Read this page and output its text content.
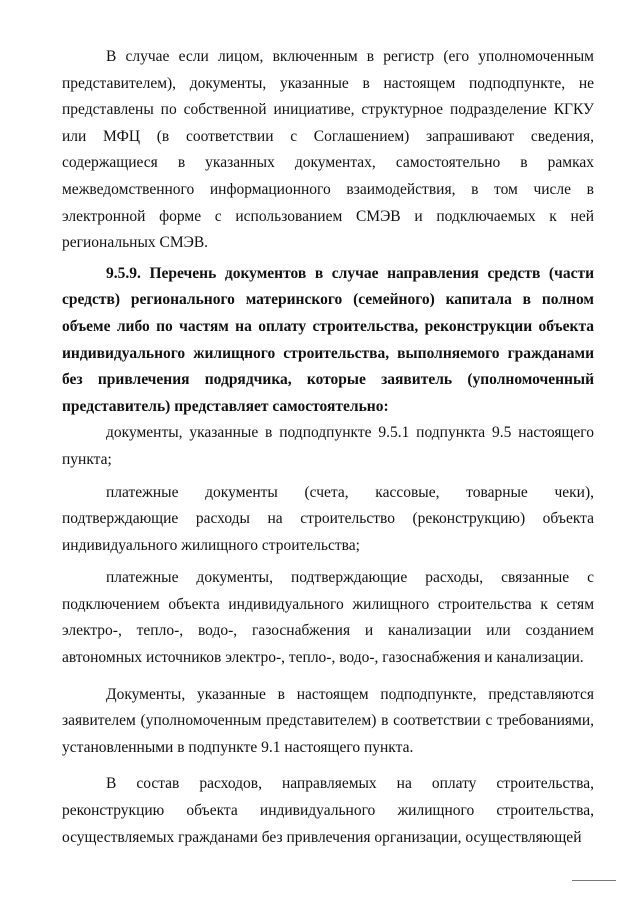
В случае если лицом, включенным в регистр (его уполномоченным представителем), документы, указанные в настоящем подподпункте, не представлены по собственной инициативе, структурное подразделение КГКУ или МФЦ (в соответствии с Соглашением) запрашивают сведения, содержащиеся в указанных документах, самостоятельно в рамках межведомственного информационного взаимодействия, в том числе в электронной форме с использованием СМЭВ и подключаемых к ней региональных СМЭВ.

9.5.9. Перечень документов в случае направления средств (части средств) регионального материнского (семейного) капитала в полном объеме либо по частям на оплату строительства, реконструкции объекта индивидуального жилищного строительства, выполняемого гражданами без привлечения подрядчика, которые заявитель (уполномоченный представитель) представляет самостоятельно:

документы, указанные в подподпункте 9.5.1 подпункта 9.5 настоящего пункта;

платежные документы (счета, кассовые, товарные чеки), подтверждающие расходы на строительство (реконструкцию) объекта индивидуального жилищного строительства;

платежные документы, подтверждающие расходы, связанные с подключением объекта индивидуального жилищного строительства к сетям электро-, тепло-, водо-, газоснабжения и канализации или созданием автономных источников электро-, тепло-, водо-, газоснабжения и канализации.

Документы, указанные в настоящем подподпункте, представляются заявителем (уполномоченным представителем) в соответствии с требованиями, установленными в подпункте 9.1 настоящего пункта.

В состав расходов, направляемых на оплату строительства, реконструкцию объекта индивидуального жилищного строительства, осуществляемых гражданами без привлечения организации, осуществляющей
